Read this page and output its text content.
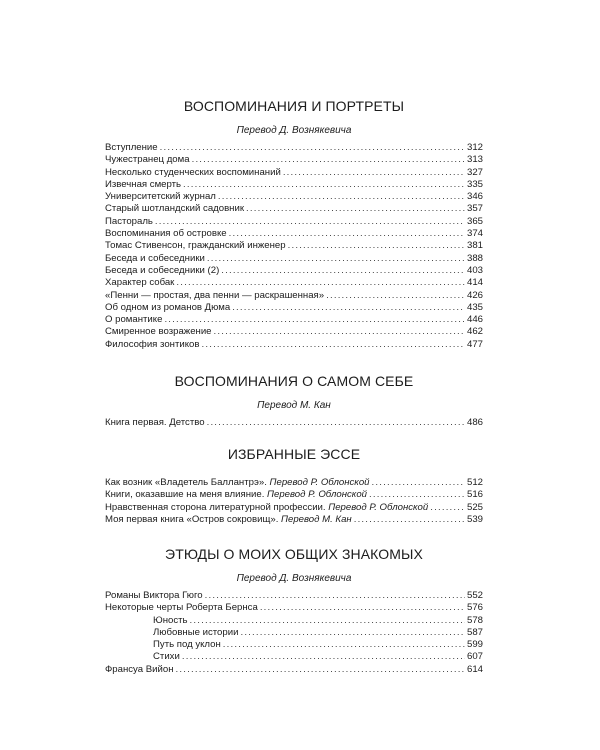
ВОСПОМИНАНИЯ И ПОРТРЕТЫ
Перевод Д. Вознякевича
Вступление .....	312
Чужестранец дома .....	313
Несколько студенческих воспоминаний .....	327
Извечная смерть .....	335
Университетский журнал .....	346
Старый шотландский садовник .....	357
Пастораль .....	365
Воспоминания об островке .....	374
Томас Стивенсон, гражданский инженер .....	381
Беседа и собеседники .....	388
Беседа и собеседники (2) .....	403
Характер собак .....	414
«Пенни — простая, два пенни — раскрашенная» .....	426
Об одном из романов Дюма .....	435
О романтике .....	446
Смиренное возражение .....	462
Философия зонтиков .....	477
ВОСПОМИНАНИЯ О САМОМ СЕБЕ
Перевод М. Кан
Книга первая. Детство .....	486
ИЗБРАННЫЕ ЭССЕ
Как возник «Владетель Баллантрэ». Перевод Р. Облонской .....	512
Книги, оказавшие на меня влияние. Перевод Р. Облонской .....	516
Нравственная сторона литературной профессии. Перевод Р. Облонской .....	525
Моя первая книга «Остров сокровищ». Перевод М. Кан .....	539
ЭТЮДЫ О МОИХ ОБЩИХ ЗНАКОМЫХ
Перевод Д. Вознякевича
Романы Виктора Гюго .....	552
Некоторые черты Роберта Бернса .....	576
Юность .....	578
Любовные истории .....	587
Путь под уклон .....	599
Стихи .....	607
Франсуа Вийон .....	614
